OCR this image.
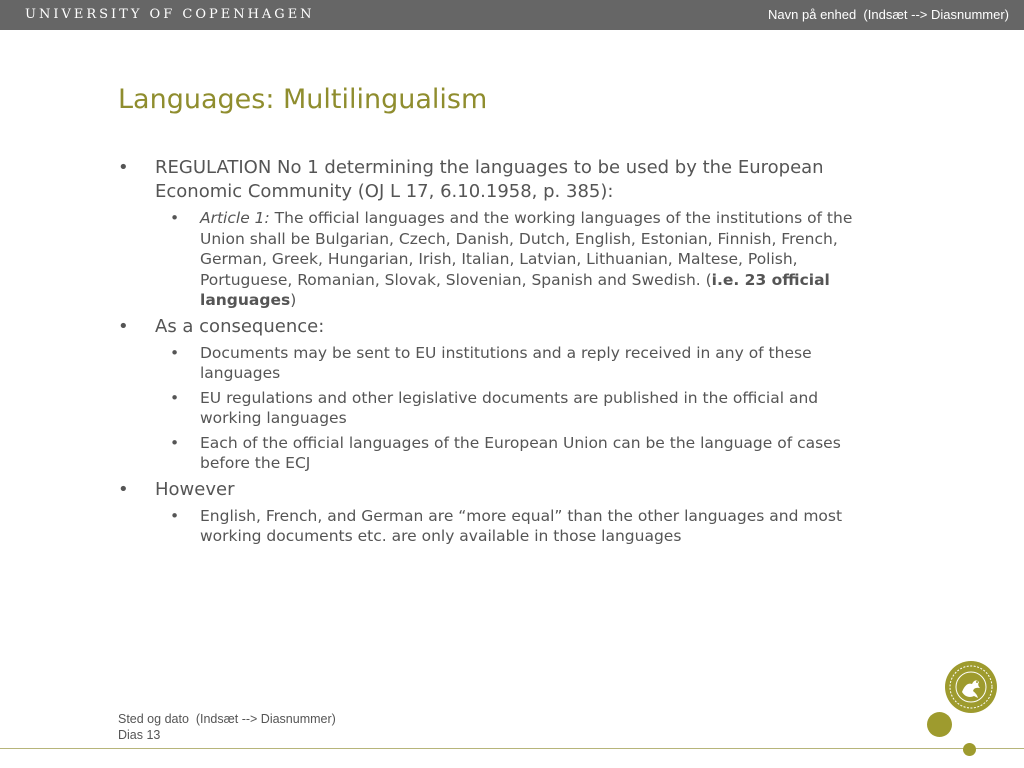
UNIVERSITY OF COPENHAGEN	Navn på enhed  (Indsæt --> Diasnummer)
Languages: Multilingualism
• REGULATION No 1 determining the languages to be used by the European Economic Community (OJ L 17, 6.10.1958, p. 385):
• Article 1: The official languages and the working languages of the institutions of the Union shall be Bulgarian, Czech, Danish, Dutch, English, Estonian, Finnish, French, German, Greek, Hungarian, Irish, Italian, Latvian, Lithuanian, Maltese, Polish, Portuguese, Romanian, Slovak, Slovenian, Spanish and Swedish. (i.e. 23 official languages)
• As a consequence:
• Documents may be sent to EU institutions and a reply received in any of these languages
• EU regulations and other legislative documents are published in the official and working languages
• Each of the official languages of the European Union can be the language of cases before the ECJ
• However
• English, French, and German are “more equal” than the other languages and most working documents etc. are only available in those languages
Sted og dato  (Indsæt --> Diasnummer)
Dias 13
